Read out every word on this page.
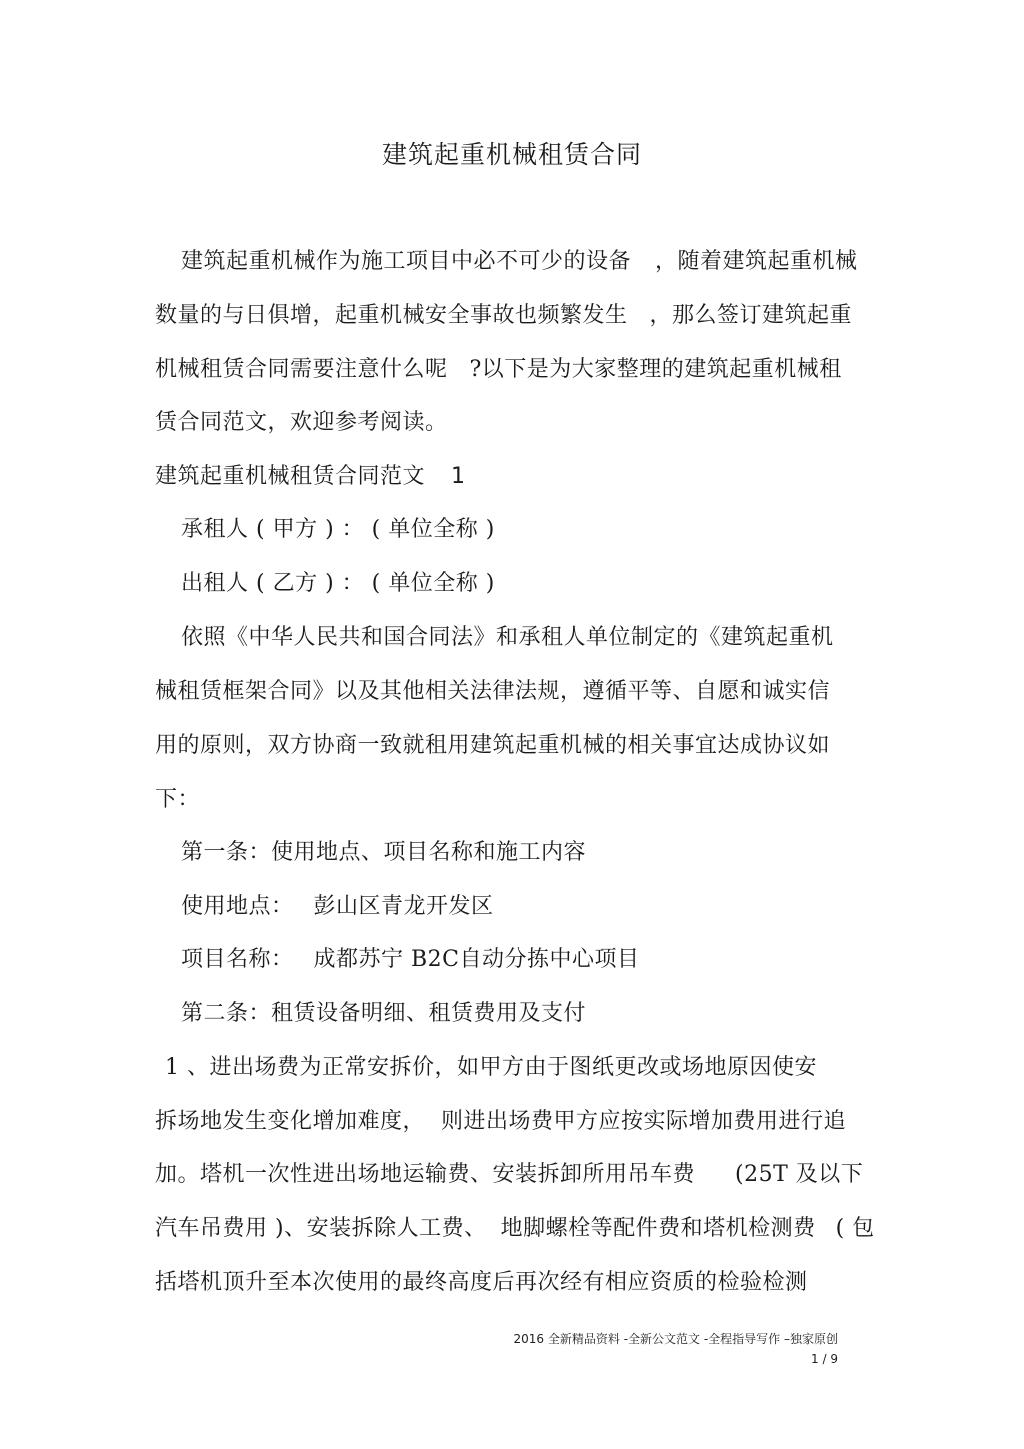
建筑起重机械租赁合同
建筑起重机械作为施工项目中必不可少的设备 ，随着建筑起重机械
数量的与日俱增，起重机械安全事故也频繁发生 ，那么签订建筑起重
机械租赁合同需要注意什么呢 ?以下是为大家整理的建筑起重机械租
赁合同范文，欢迎参考阅读。
建筑起重机械租赁合同范文 1
承租人 ( 甲方 ) ： ( 单位全称 )
出租人 ( 乙方 ) ： ( 单位全称 )
依照《中华人民共和国合同法》和承租人单位制定的《建筑起重机
械租赁框架合同》以及其他相关法律法规，遵循平等、自愿和诚实信
用的原则，双方协商一致就租用建筑起重机械的相关事宜达成协议如
下：
第一条：使用地点、项目名称和施工内容
使用地点： 彭山区青龙开发区
项目名称： 成都苏宁 B2C自动分拣中心项目
第二条：租赁设备明细、租赁费用及支付
1 、进出场费为正常安拆价，如甲方由于图纸更改或场地原因使安
拆场地发生变化增加难度， 则进出场费甲方应按实际增加费用进行追
加。塔机一次性进出场地运输费、安装拆卸所用吊车费 (25T 及以下
汽车吊费用 )、安装拆除人工费、 地脚螺栓等配件费和塔机检测费 ( 包
括塔机顶升至本次使用的最终高度后再次经有相应资质的检验检测
2016 全新精品资料 -全新公文范文 -全程指导写作 –独家原创
1 / 9
